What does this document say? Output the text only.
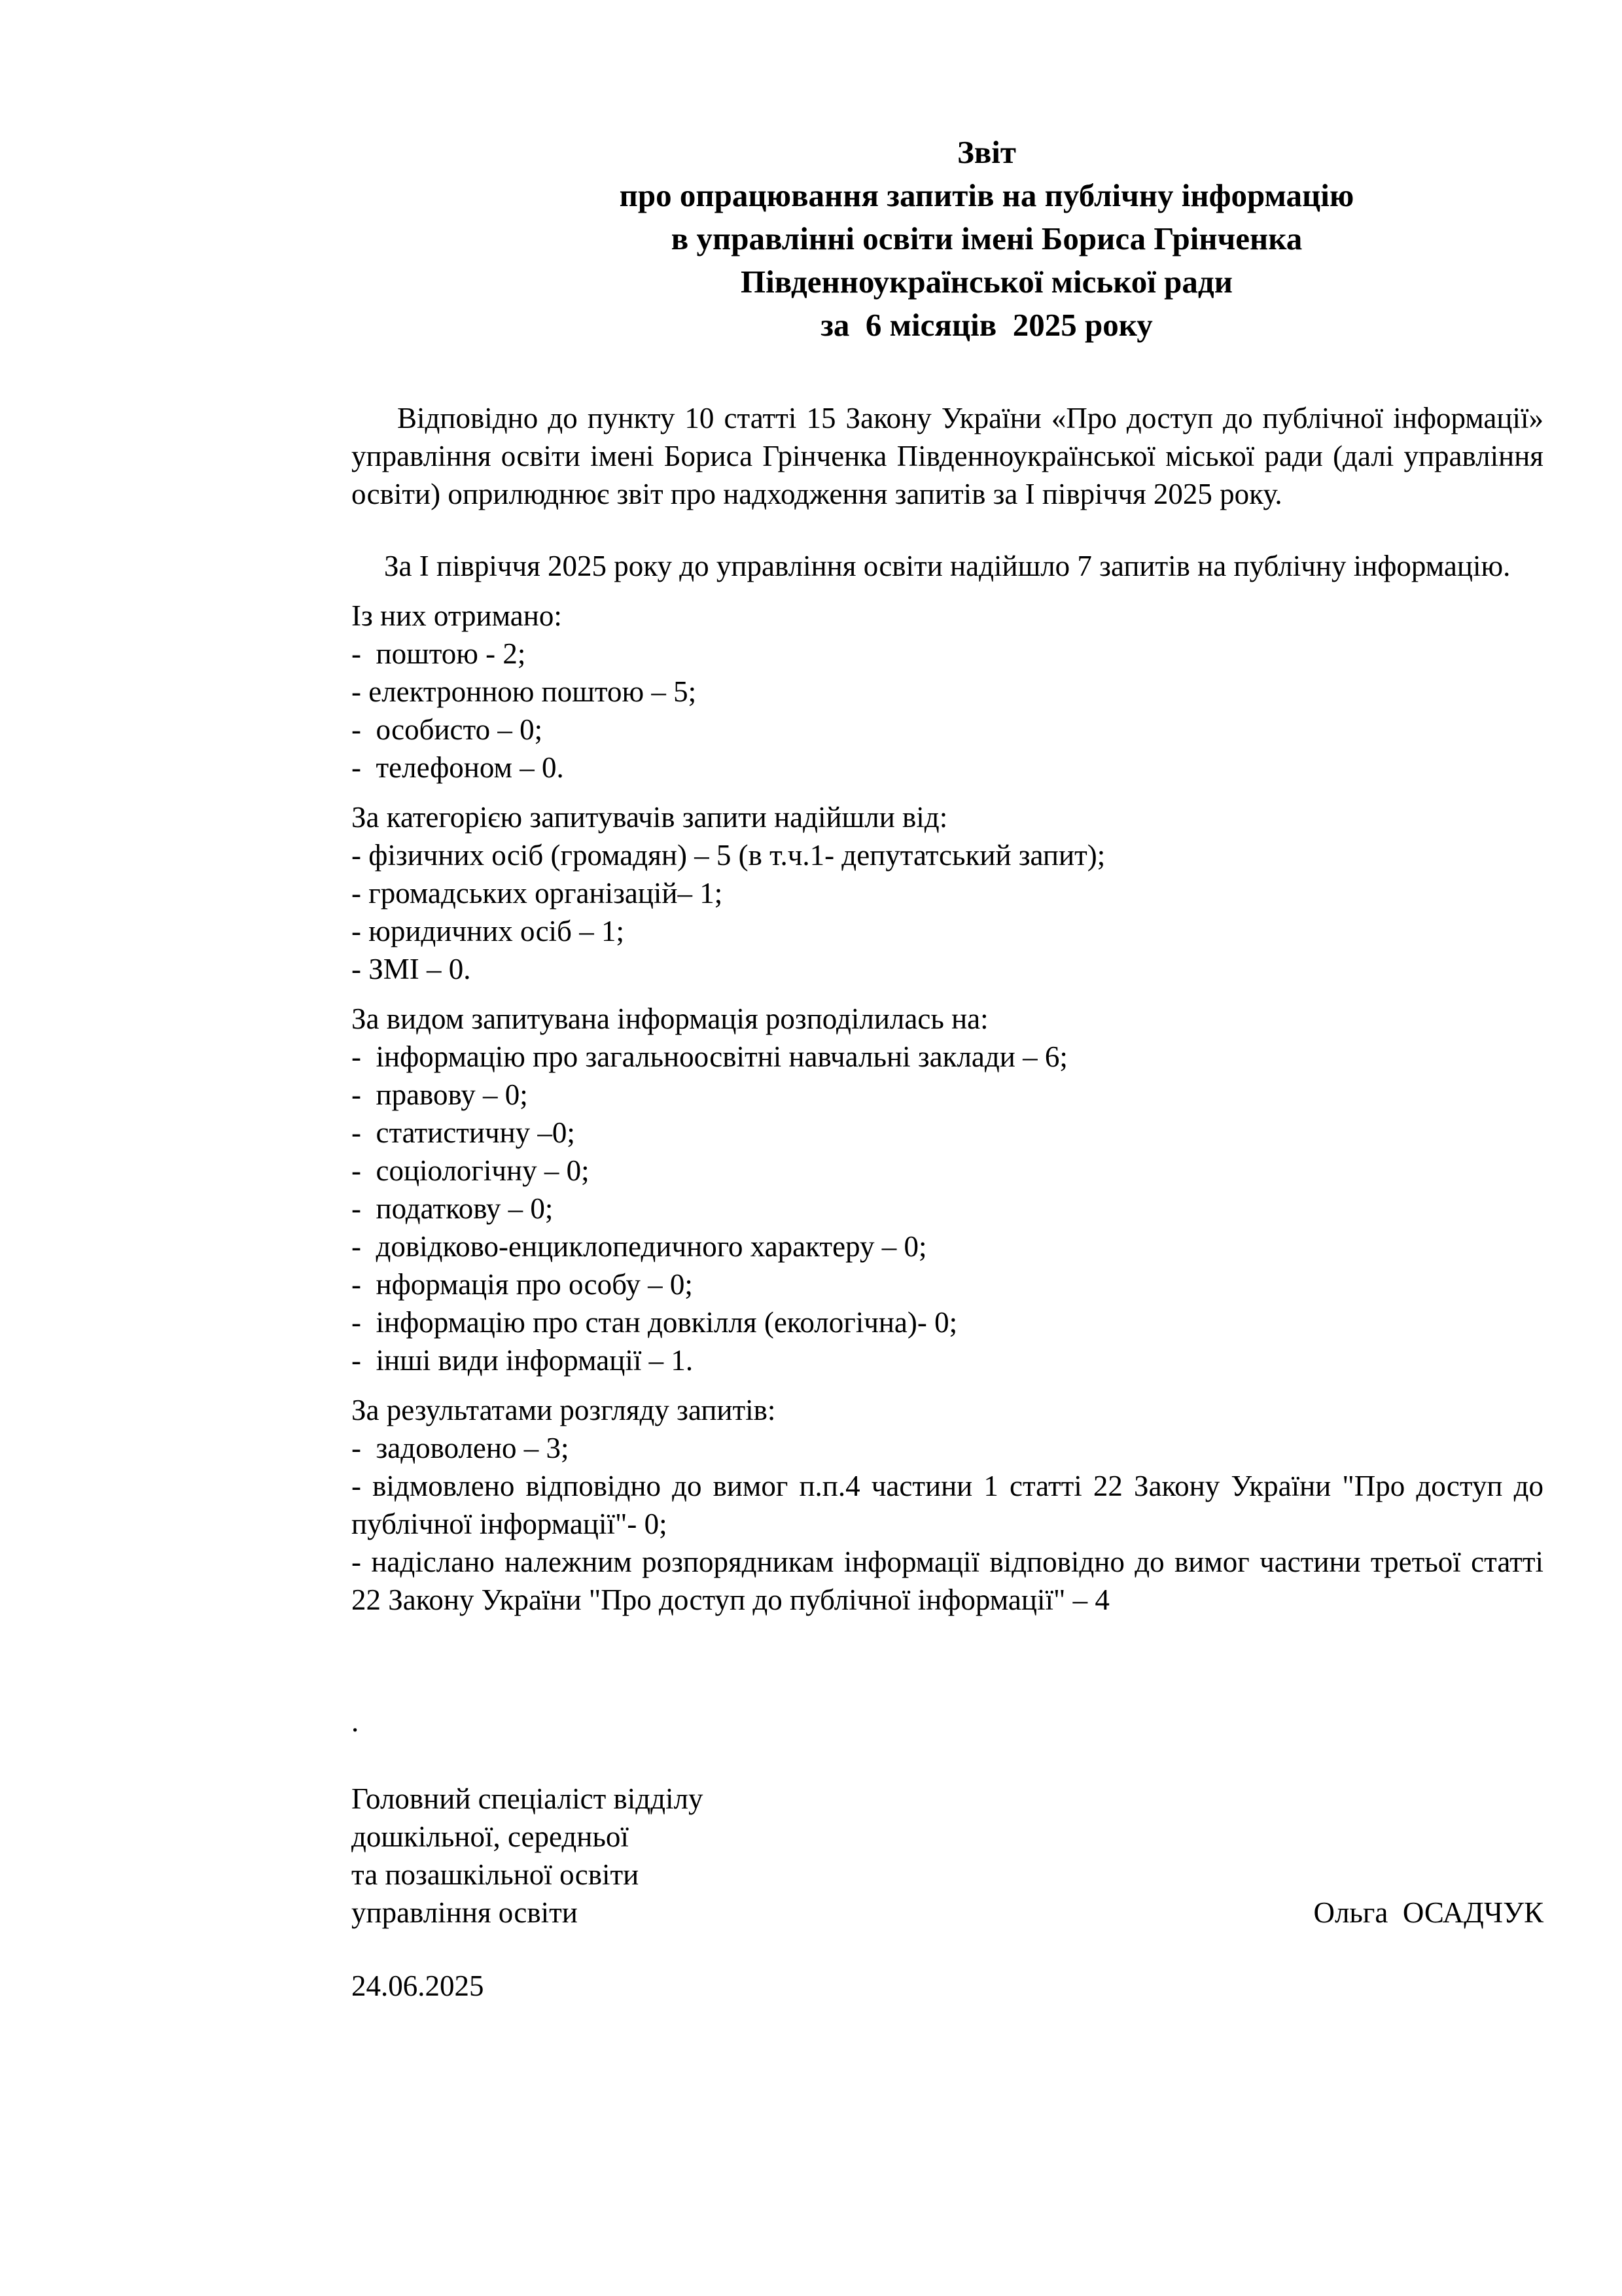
Звіт
про опрацювання запитів на публічну інформацію
в управлінні освіти імені Бориса Грінченка
Південноукраїнської міської ради
за  6 місяців  2025 року

Відповідно до пункту 10 статті 15 Закону України «Про доступ до публічної інформації» управління освіти імені Бориса Грінченка Південноукраїнської міської ради (далі управління освіти) оприлюднює звіт про надходження запитів за І півріччя 2025 року.

За І півріччя 2025 року до управління освіти надійшло 7 запитів на публічну інформацію.

Із них отримано:
-  поштою - 2;
- електронною поштою – 5;
-  особисто – 0;
-  телефоном – 0.
За категорією запитувачів запити надійшли від:
- фізичних осіб (громадян) – 5 (в т.ч.1- депутатський запит);
- громадських організацій– 1;
- юридичних осіб – 1;
- ЗМІ – 0.
За видом запитувана інформація розподілилась на:
-  інформацію про загальноосвітні навчальні заклади – 6;
-  правову – 0;
-  статистичну –0;
-  соціологічну – 0;
-  податкову – 0;
-  довідково-енциклопедичного характеру – 0;
-  нформація про особу – 0;
-  інформацію про стан довкілля (екологічна)- 0;
-  інші види інформації – 1.
За результатами розгляду запитів:
-  задоволено – 3;

- відмовлено відповідно до вимог п.п.4 частини 1 статті 22 Закону України "Про доступ до публічної інформації"- 0;

- надіслано належним розпорядникам інформації відповідно до вимог частини третьої статті 22 Закону України "Про доступ до публічної інформації" – 4

.
Головний спеціаліст відділу
дошкільної, середньої
та позашкільної освіти
управління освіти	Ольга  ОСАДЧУК
24.06.2025
